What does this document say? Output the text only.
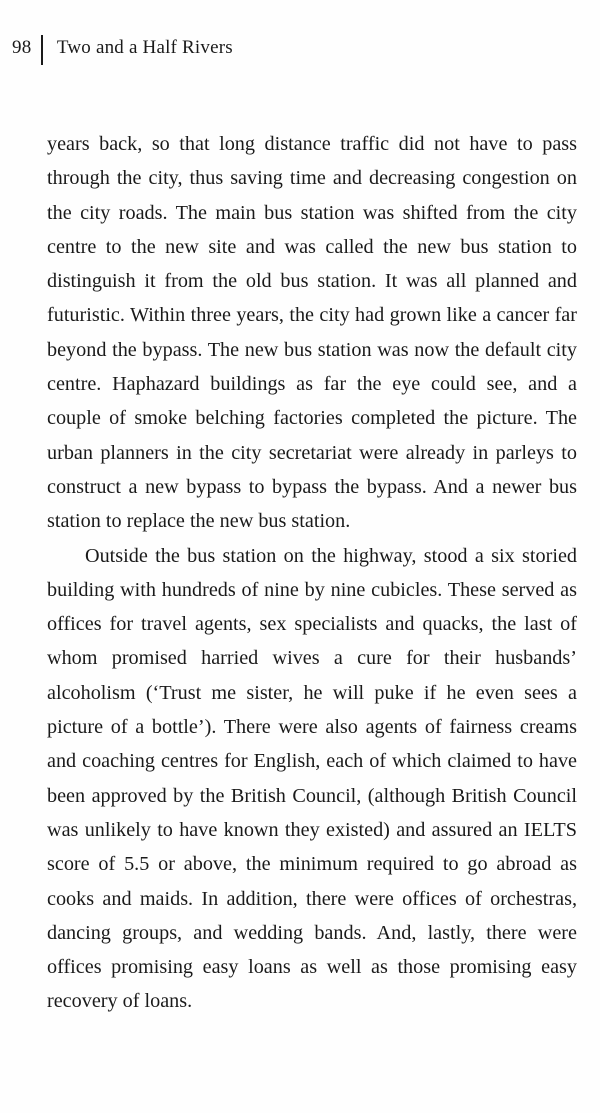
98 Two and a Half Rivers

years back, so that long distance traffic did not have to pass through the city, thus saving time and decreasing congestion on the city roads. The main bus station was shifted from the city centre to the new site and was called the new bus station to distinguish it from the old bus station. It was all planned and futuristic. Within three years, the city had grown like a cancer far beyond the bypass. The new bus station was now the default city centre. Haphazard buildings as far the eye could see, and a couple of smoke belching factories completed the picture. The urban planners in the city secretariat were already in parleys to construct a new bypass to bypass the bypass. And a newer bus station to replace the new bus station.

Outside the bus station on the highway, stood a six storied building with hundreds of nine by nine cubicles. These served as offices for travel agents, sex specialists and quacks, the last of whom promised harried wives a cure for their husbands’ alcoholism (‘Trust me sister, he will puke if he even sees a picture of a bottle’). There were also agents of fairness creams and coaching centres for English, each of which claimed to have been approved by the British Council, (although British Council was unlikely to have known they existed) and assured an IELTS score of 5.5 or above, the minimum required to go abroad as cooks and maids. In addition, there were offices of orchestras, dancing groups, and wedding bands. And, lastly, there were offices promising easy loans as well as those promising easy recovery of loans.
